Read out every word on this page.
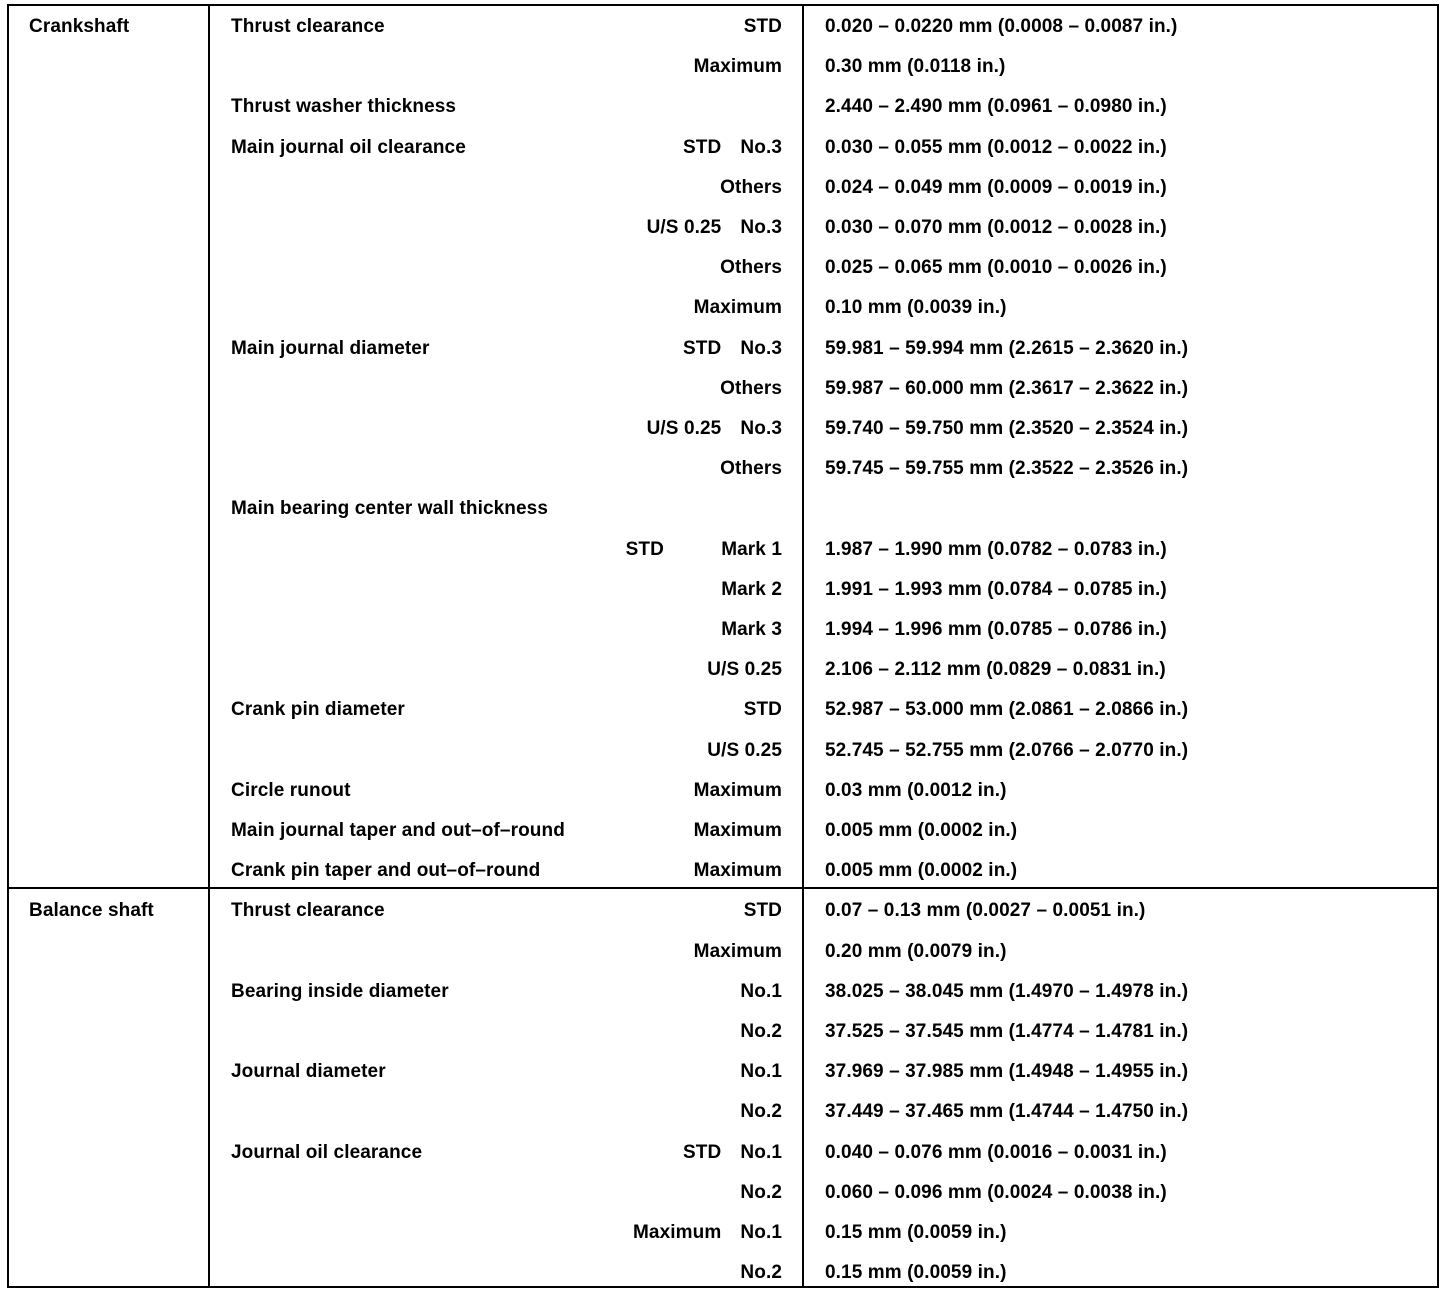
Crankshaft	Thrust clearance	STD 0.020 – 0.0220 mm (0.0008 – 0.0087 in.)
Maximum 0.30 mm (0.0118 in.)
Thrust washer thickness	2.440 – 2.490 mm (0.0961 – 0.0980 in.)
Main journal oil clearance	STD No.3 0.030 – 0.055 mm (0.0012 – 0.0022 in.)
Others 0.024 – 0.049 mm (0.0009 – 0.0019 in.)
U/S 0.25 No.3 0.030 – 0.070 mm (0.0012 – 0.0028 in.)
Others 0.025 – 0.065 mm (0.0010 – 0.0026 in.)
Maximum 0.10 mm (0.0039 in.)
Main journal diameter	STD No.3 59.981 – 59.994 mm (2.2615 – 2.3620 in.)
Others 59.987 – 60.000 mm (2.3617 – 2.3622 in.)
U/S 0.25 No.3 59.740 – 59.750 mm (2.3520 – 2.3524 in.)
Others 59.745 – 59.755 mm (2.3522 – 2.3526 in.)
Main bearing center wall thickness
STD   Mark 1 1.987 – 1.990 mm (0.0782 – 0.0783 in.)
Mark 2 1.991 – 1.993 mm (0.0784 – 0.0785 in.)
Mark 3 1.994 – 1.996 mm (0.0785 – 0.0786 in.)
U/S 0.25 2.106 – 2.112 mm (0.0829 – 0.0831 in.)
Crank pin diameter	STD 52.987 – 53.000 mm (2.0861 – 2.0866 in.)
U/S 0.25 52.745 – 52.755 mm (2.0766 – 2.0770 in.)
Circle runout	Maximum 0.03 mm (0.0012 in.)
Main journal taper and out–of–round	Maximum 0.005 mm (0.0002 in.)
Crank pin taper and out–of–round	Maximum 0.005 mm (0.0002 in.)
Balance shaft	Thrust clearance	STD 0.07 – 0.13 mm (0.0027 – 0.0051 in.)
Maximum 0.20 mm (0.0079 in.)
Bearing inside diameter	No.1 38.025 – 38.045 mm (1.4970 – 1.4978 in.)
No.2 37.525 – 37.545 mm (1.4774 – 1.4781 in.)
Journal diameter	No.1 37.969 – 37.985 mm (1.4948 – 1.4955 in.)
No.2 37.449 – 37.465 mm (1.4744 – 1.4750 in.)
Journal oil clearance	STD No.1 0.040 – 0.076 mm (0.0016 – 0.0031 in.)
No.2 0.060 – 0.096 mm (0.0024 – 0.0038 in.)
Maximum No.1 0.15 mm (0.0059 in.)
No.2 0.15 mm (0.0059 in.)
